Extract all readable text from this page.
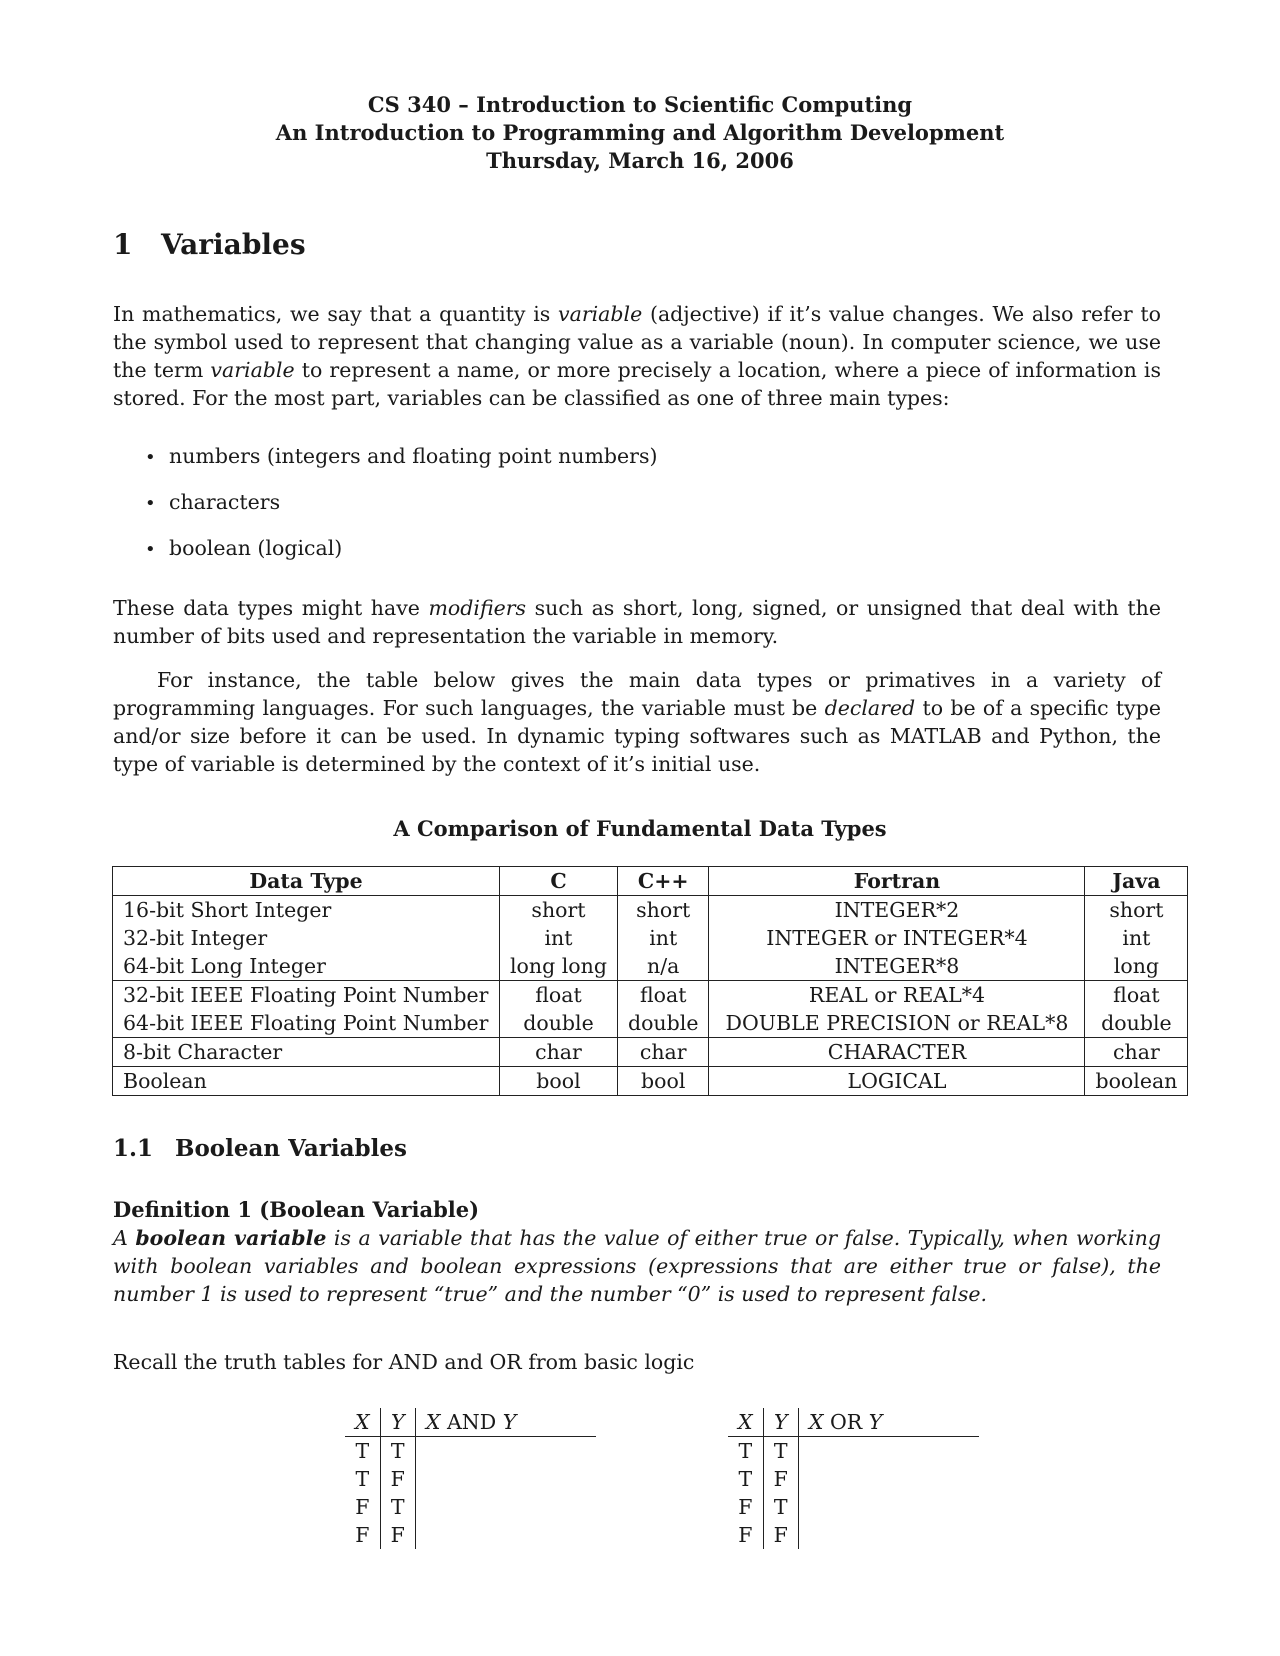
CS 340 – Introduction to Scientific Computing
An Introduction to Programming and Algorithm Development
Thursday, March 16, 2006
1 Variables
In mathematics, we say that a quantity is variable (adjective) if it’s value changes. We also refer to the symbol used to represent that changing value as a variable (noun). In computer science, we use the term variable to represent a name, or more precisely a location, where a piece of information is stored. For the most part, variables can be classified as one of three main types:
• numbers (integers and floating point numbers)
• characters
• boolean (logical)
These data types might have modifiers such as short, long, signed, or unsigned that deal with the number of bits used and representation the variable in memory.
For instance, the table below gives the main data types or primatives in a variety of programming languages. For such languages, the variable must be declared to be of a specific type and/or size before it can be used. In dynamic typing softwares such as MATLAB and Python, the type of variable is determined by the context of it’s initial use.
A Comparison of Fundamental Data Types
Data Type	C	C++	Fortran	Java
16-bit Short Integer	short	short	INTEGER*2	short
32-bit Integer	int	int	INTEGER or INTEGER*4	int
64-bit Long Integer	long long	n/a	INTEGER*8	long
32-bit IEEE Floating Point Number	float	float	REAL or REAL*4	float
64-bit IEEE Floating Point Number	double	double	DOUBLE PRECISION or REAL*8	double
8-bit Character	char	char	CHARACTER	char
Boolean	bool	bool	LOGICAL	boolean
1.1 Boolean Variables
Definition 1 (Boolean Variable)
A boolean variable is a variable that has the value of either true or false. Typically, when working with boolean variables and boolean expressions (expressions that are either true or false), the number 1 is used to represent “true” and the number “0” is used to represent false.
Recall the truth tables for AND and OR from basic logic
X	Y	X AND Y
T	T	
T	F	
F	T	
F	F	
X	Y	X OR Y
T	T	
T	F	
F	T	
F	F	
